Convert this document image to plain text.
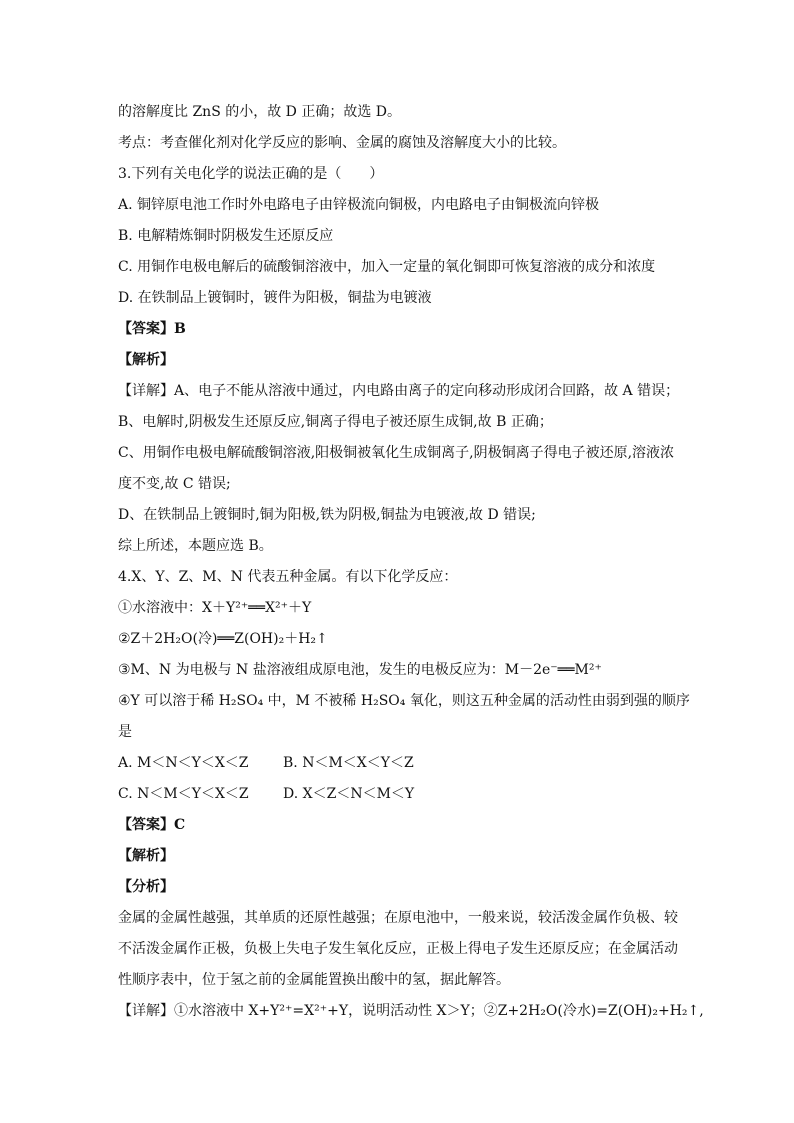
的溶解度比 ZnS 的小，故 D 正确；故选 D。
考点：考查催化剂对化学反应的影响、金属的腐蚀及溶解度大小的比较。
3.下列有关电化学的说法正确的是（　　）
A. 铜锌原电池工作时外电路电子由锌极流向铜极，内电路电子由铜极流向锌极
B. 电解精炼铜时阴极发生还原反应
C. 用铜作电极电解后的硫酸铜溶液中，加入一定量的氧化铜即可恢复溶液的成分和浓度
D. 在铁制品上镀铜时，镀件为阳极，铜盐为电镀液
【答案】B
【解析】
【详解】A、电子不能从溶液中通过，内电路由离子的定向移动形成闭合回路，故 A 错误；
B、电解时,阴极发生还原反应,铜离子得电子被还原生成铜,故 B 正确；
C、用铜作电极电解硫酸铜溶液,阳极铜被氧化生成铜离子,阴极铜离子得电子被还原,溶液浓
度不变,故 C 错误;
D、在铁制品上镀铜时,铜为阳极,铁为阴极,铜盐为电镀液,故 D 错误;
综上所述，本题应选 B。
4.X、Y、Z、M、N 代表五种金属。有以下化学反应：
①水溶液中：X＋Y²⁺══X²⁺＋Y
②Z＋2H₂O(冷)══Z(OH)₂＋H₂↑
③M、N 为电极与 N 盐溶液组成原电池，发生的电极反应为：M－2e⁻══M²⁺
④Y 可以溶于稀 H₂SO₄ 中，M 不被稀 H₂SO₄ 氧化，则这五种金属的活动性由弱到强的顺序
是
A. M＜N＜Y＜X＜Z B. N＜M＜X＜Y＜Z
C. N＜M＜Y＜X＜Z D. X＜Z＜N＜M＜Y
【答案】C
【解析】
【分析】
金属的金属性越强，其单质的还原性越强；在原电池中，一般来说，较活泼金属作负极、较
不活泼金属作正极，负极上失电子发生氧化反应，正极上得电子发生还原反应；在金属活动
性顺序表中，位于氢之前的金属能置换出酸中的氢，据此解答。
【详解】①水溶液中 X+Y²⁺=X²⁺+Y，说明活动性 X＞Y；②Z+2H₂O(冷水)=Z(OH)₂+H₂↑,
